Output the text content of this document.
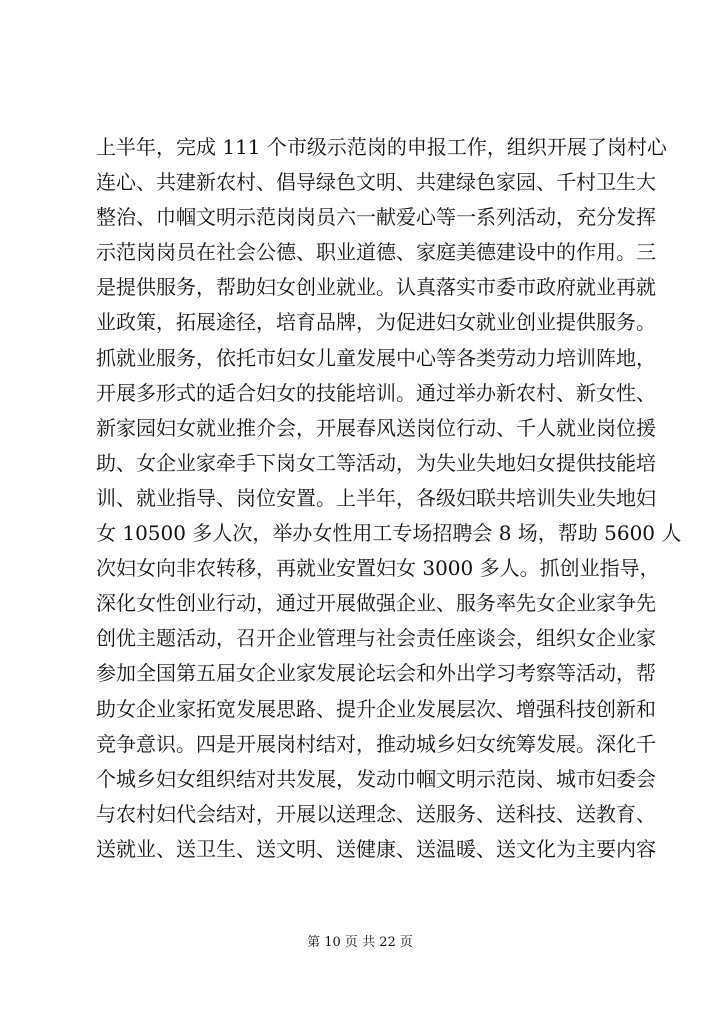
上半年，完成 111 个市级示范岗的申报工作，组织开展了岗村心
连心、共建新农村、倡导绿色文明、共建绿色家园、千村卫生大
整治、巾帼文明示范岗岗员六一献爱心等一系列活动，充分发挥
示范岗岗员在社会公德、职业道德、家庭美德建设中的作用。三
是提供服务，帮助妇女创业就业。认真落实市委市政府就业再就
业政策，拓展途径，培育品牌，为促进妇女就业创业提供服务。
抓就业服务，依托市妇女儿童发展中心等各类劳动力培训阵地，
开展多形式的适合妇女的技能培训。通过举办新农村、新女性、
新家园妇女就业推介会，开展春风送岗位行动、千人就业岗位援
助、女企业家牵手下岗女工等活动，为失业失地妇女提供技能培
训、就业指导、岗位安置。上半年，各级妇联共培训失业失地妇
女 10500 多人次，举办女性用工专场招聘会 8 场，帮助 5600 人
次妇女向非农转移，再就业安置妇女 3000 多人。抓创业指导，
深化女性创业行动，通过开展做强企业、服务率先女企业家争先
创优主题活动，召开企业管理与社会责任座谈会，组织女企业家
参加全国第五届女企业家发展论坛会和外出学习考察等活动，帮
助女企业家拓宽发展思路、提升企业发展层次、增强科技创新和
竞争意识。四是开展岗村结对，推动城乡妇女统筹发展。深化千
个城乡妇女组织结对共发展，发动巾帼文明示范岗、城市妇委会
与农村妇代会结对，开展以送理念、送服务、送科技、送教育、
送就业、送卫生、送文明、送健康、送温暖、送文化为主要内容
第 10 页 共 22 页
